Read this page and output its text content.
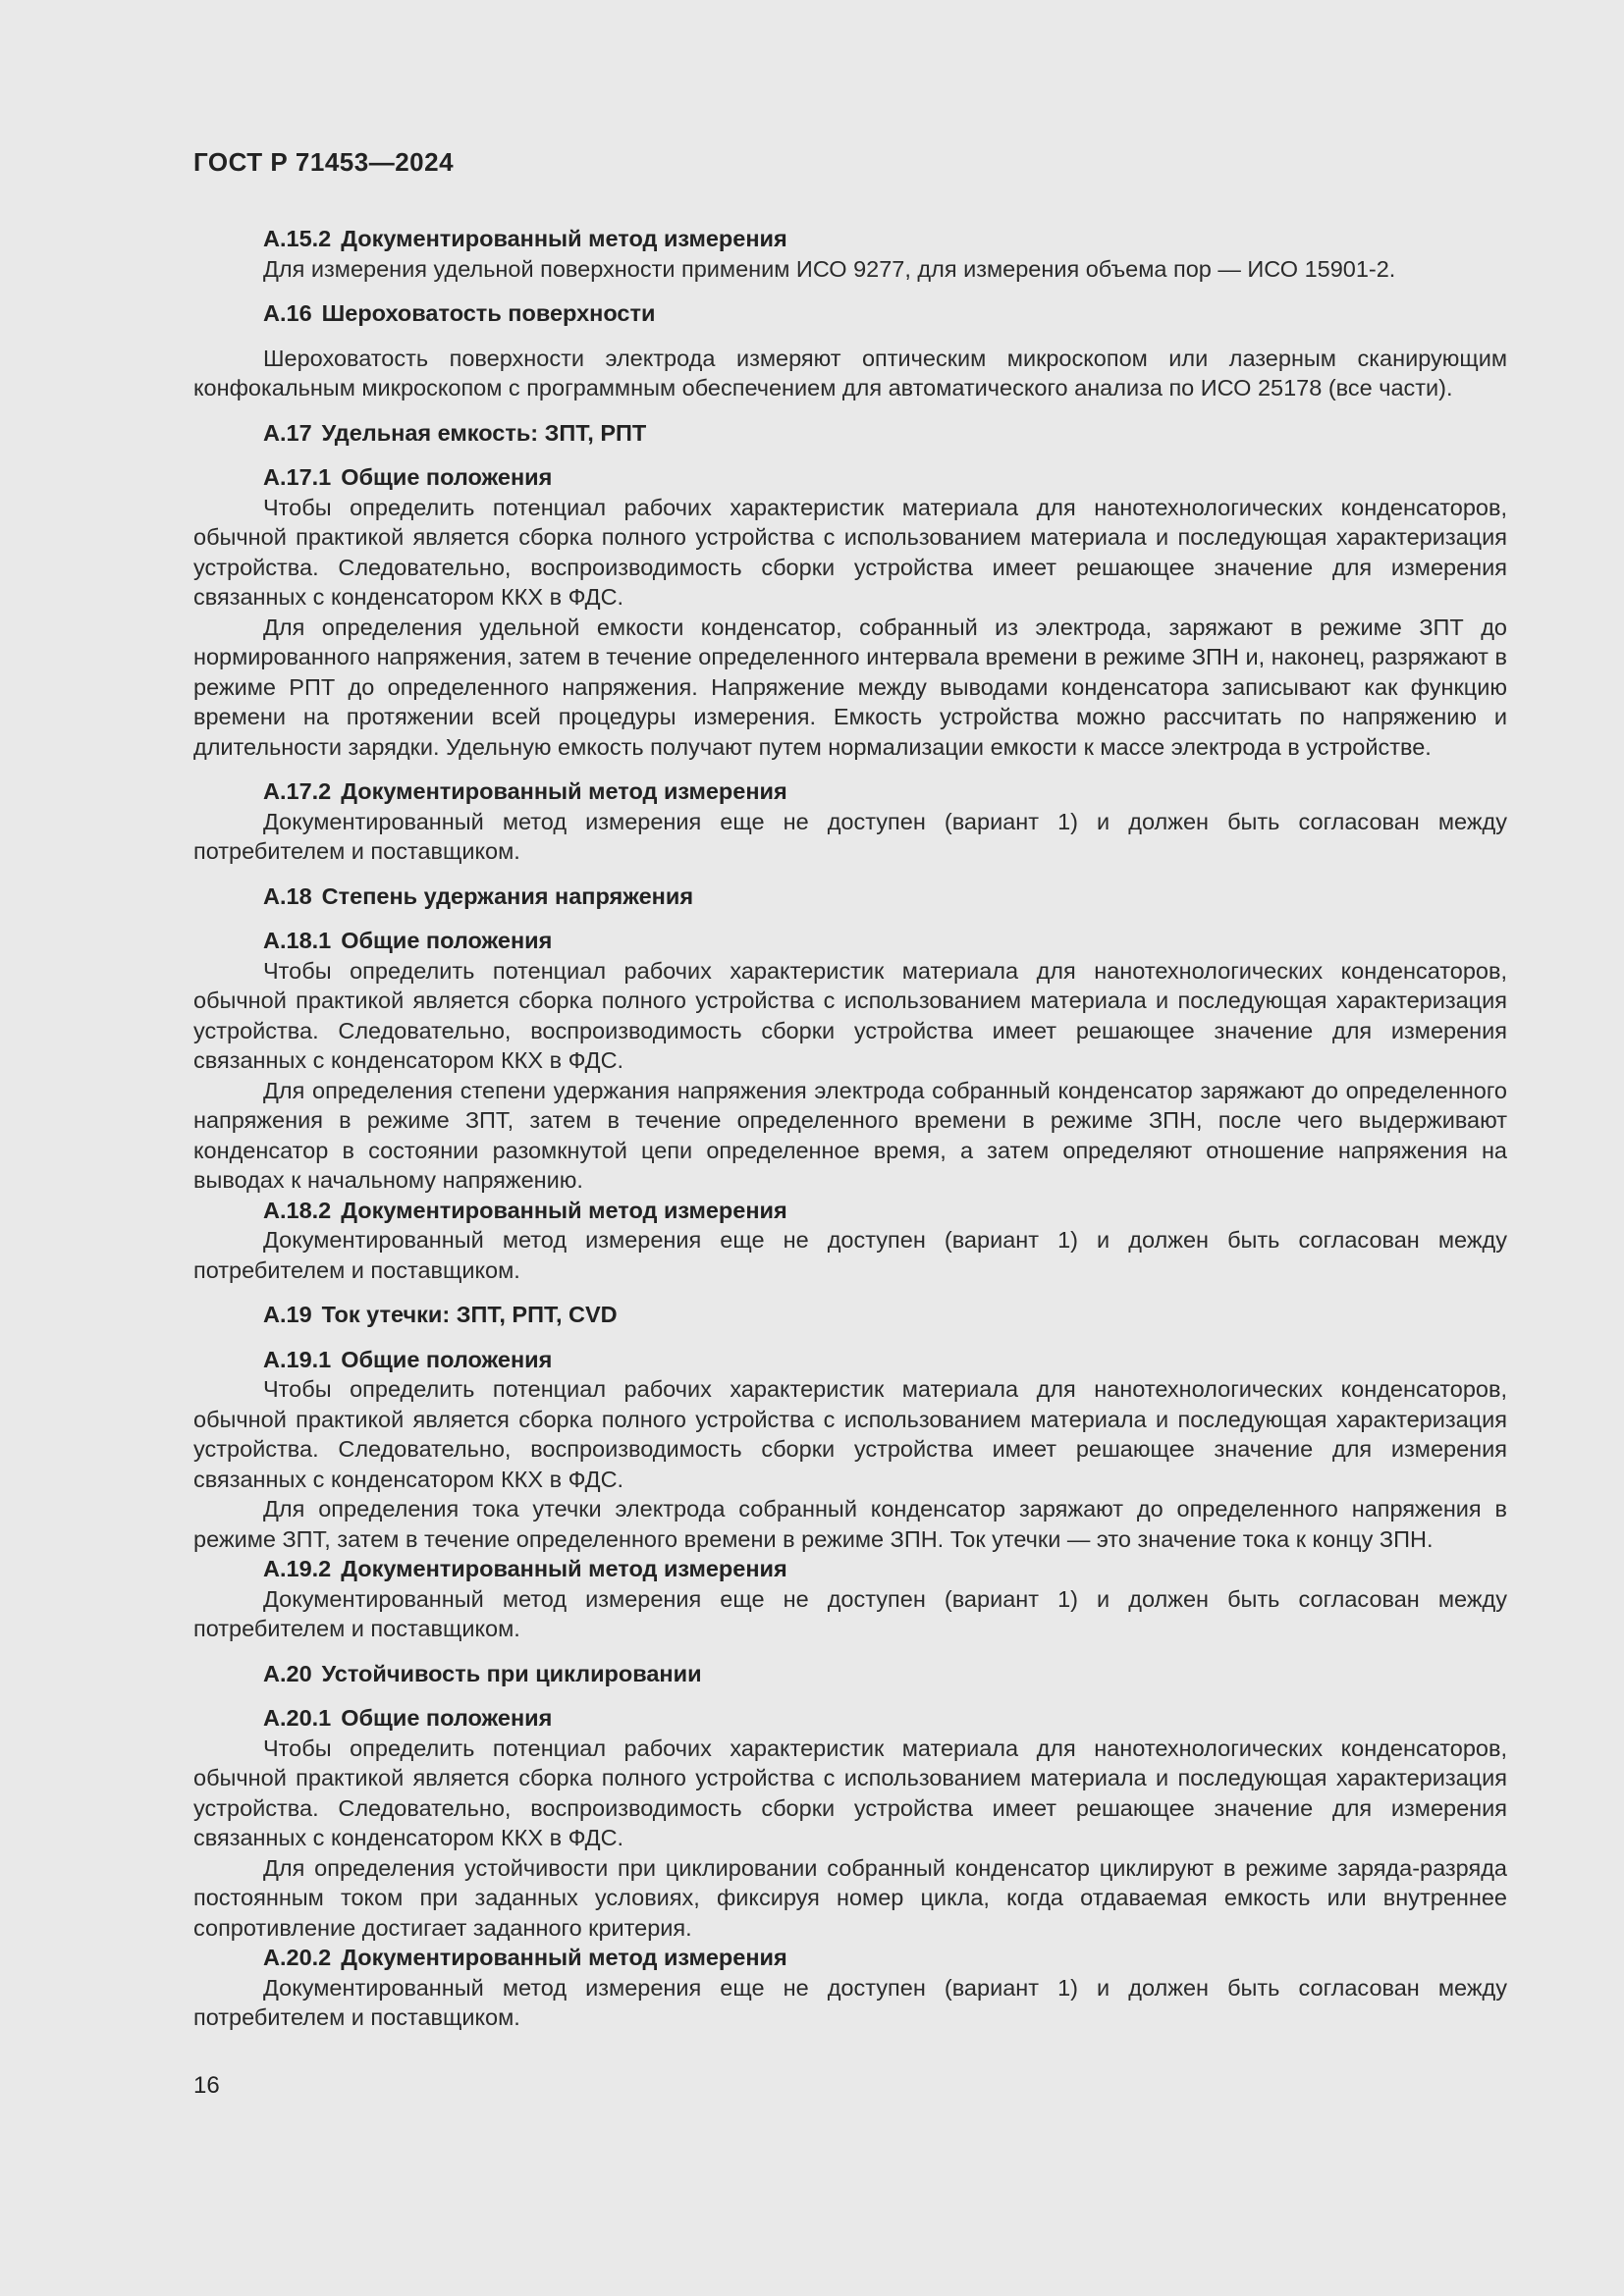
ГОСТ Р 71453—2024

А.15.2 Документированный метод измерения

Для измерения удельной поверхности применим ИСО 9277, для измерения объема пор — ИСО 15901-2.

А.16 Шероховатость поверхности

Шероховатость поверхности электрода измеряют оптическим микроскопом или лазерным сканирующим конфокальным микроскопом с программным обеспечением для автоматического анализа по ИСО 25178 (все части).

А.17 Удельная емкость: ЗПТ, РПТ

А.17.1 Общие положения

Чтобы определить потенциал рабочих характеристик материала для нанотехнологических конденсаторов, обычной практикой является сборка полного устройства с использованием материала и последующая характеризация устройства. Следовательно, воспроизводимость сборки устройства имеет решающее значение для измерения связанных с конденсатором ККХ в ФДС.

Для определения удельной емкости конденсатор, собранный из электрода, заряжают в режиме ЗПТ до нормированного напряжения, затем в течение определенного интервала времени в режиме ЗПН и, наконец, разряжают в режиме РПТ до определенного напряжения. Напряжение между выводами конденсатора записывают как функцию времени на протяжении всей процедуры измерения. Емкость устройства можно рассчитать по напряжению и длительности зарядки. Удельную емкость получают путем нормализации емкости к массе электрода в устройстве.

А.17.2 Документированный метод измерения

Документированный метод измерения еще не доступен (вариант 1) и должен быть согласован между потребителем и поставщиком.

А.18 Степень удержания напряжения

А.18.1 Общие положения

Чтобы определить потенциал рабочих характеристик материала для нанотехнологических конденсаторов, обычной практикой является сборка полного устройства с использованием материала и последующая характеризация устройства. Следовательно, воспроизводимость сборки устройства имеет решающее значение для измерения связанных с конденсатором ККХ в ФДС.

Для определения степени удержания напряжения электрода собранный конденсатор заряжают до определенного напряжения в режиме ЗПТ, затем в течение определенного времени в режиме ЗПН, после чего выдерживают конденсатор в состоянии разомкнутой цепи определенное время, а затем определяют отношение напряжения на выводах к начальному напряжению.

А.18.2 Документированный метод измерения

Документированный метод измерения еще не доступен (вариант 1) и должен быть согласован между потребителем и поставщиком.

А.19 Ток утечки: ЗПТ, РПТ, CVD

А.19.1 Общие положения

Чтобы определить потенциал рабочих характеристик материала для нанотехнологических конденсаторов, обычной практикой является сборка полного устройства с использованием материала и последующая характеризация устройства. Следовательно, воспроизводимость сборки устройства имеет решающее значение для измерения связанных с конденсатором ККХ в ФДС.

Для определения тока утечки электрода собранный конденсатор заряжают до определенного напряжения в режиме ЗПТ, затем в течение определенного времени в режиме ЗПН. Ток утечки — это значение тока к концу ЗПН.

А.19.2 Документированный метод измерения

Документированный метод измерения еще не доступен (вариант 1) и должен быть согласован между потребителем и поставщиком.

А.20 Устойчивость при циклировании

А.20.1 Общие положения

Чтобы определить потенциал рабочих характеристик материала для нанотехнологических конденсаторов, обычной практикой является сборка полного устройства с использованием материала и последующая характеризация устройства. Следовательно, воспроизводимость сборки устройства имеет решающее значение для измерения связанных с конденсатором ККХ в ФДС.

Для определения устойчивости при циклировании собранный конденсатор циклируют в режиме заряда-разряда постоянным током при заданных условиях, фиксируя номер цикла, когда отдаваемая емкость или внутреннее сопротивление достигает заданного критерия.

А.20.2 Документированный метод измерения

Документированный метод измерения еще не доступен (вариант 1) и должен быть согласован между потребителем и поставщиком.

16
